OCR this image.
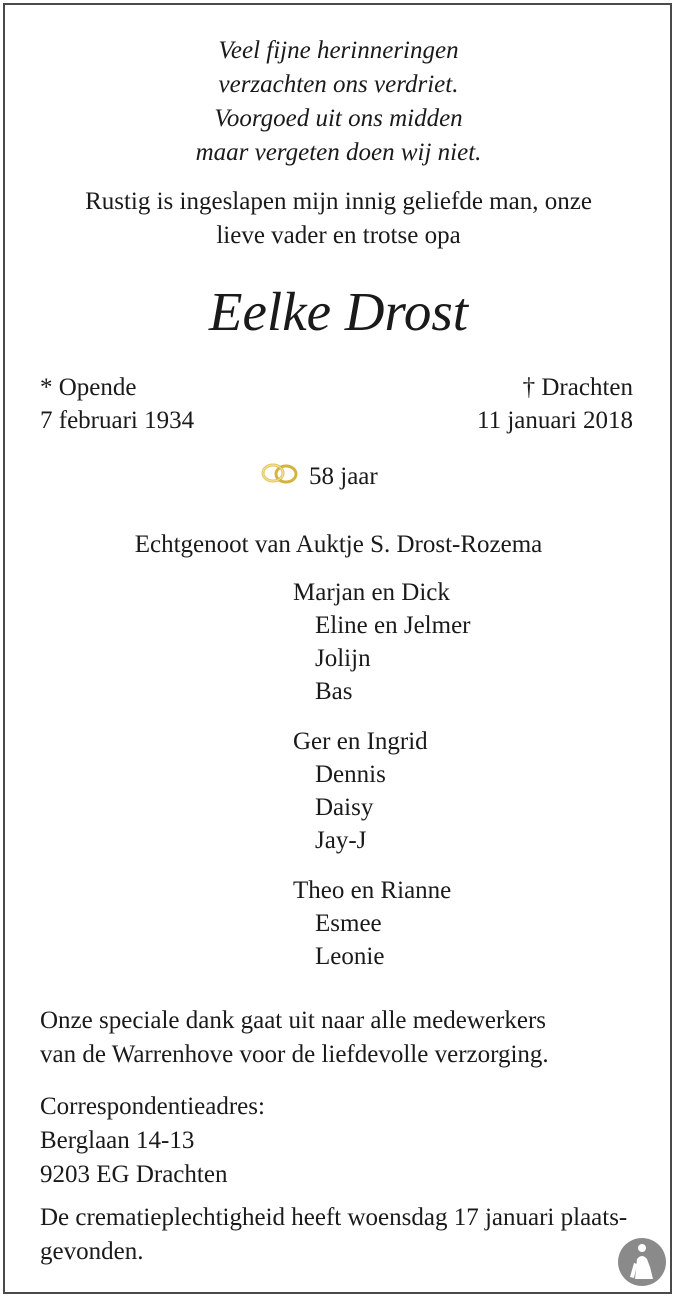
Veel fijne herinneringen
verzachten ons verdriet.
Voorgoed uit ons midden
maar vergeten doen wij niet.
Rustig is ingeslapen mijn innig geliefde man, onze
lieve vader en trotse opa
Eelke Drost
* Opende
7 februari 1934
† Drachten
11 januari 2018
58 jaar
Echtgenoot van Auktje S. Drost-Rozema
Marjan en Dick
Eline en Jelmer
Jolijn
Bas
Ger en Ingrid
Dennis
Daisy
Jay-J
Theo en Rianne
Esmee
Leonie
Onze speciale dank gaat uit naar alle medewerkers
van de Warrenhove voor de liefdevolle verzorging.
Correspondentieadres:
Berglaan 14-13
9203 EG Drachten
De crematieplechtigheid heeft woensdag 17 januari plaats-
gevonden.
